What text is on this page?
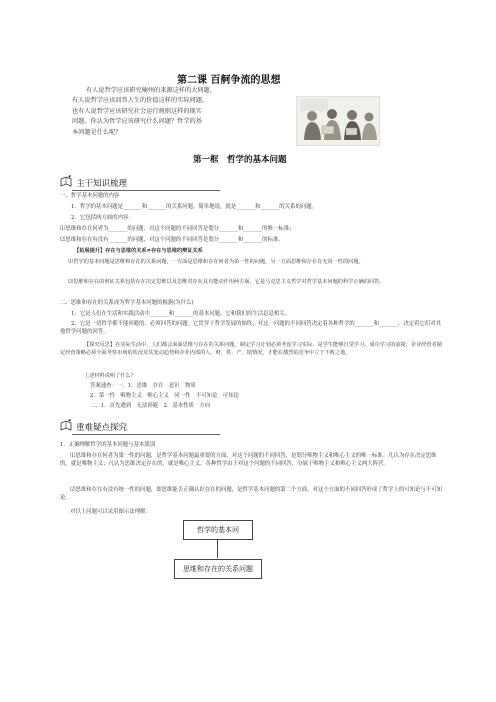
第二课 百舸争流的思想
有人说哲学应该研究楠州的来源这样的大问题，
有人说哲学应该回答人生的价值这样的实际问题。
也有人说哲学应该研究社会运行规则这样的现实
问题。你认为哲学应该研究什么问题？哲学的基
本问题是什么呢？
第一框　哲学的基本问题
主干知识梳理
一、哲学基本问题的内容
1．哲学的基本问题是_______和_______的关系问题，简单地说，就是_______和_______的关系的问题。
2．它包括两方面的内容：
⑴思维和存在何者为_______的问题，对这个问题的不同回答是划分_______和_______的唯一标准；
⑵思维和存在有没有_______的问题，对这个问题的不同回答是划分_______和_______的标准。
【拓展提升】存在与思维的关系≠存在与思维的辩证关系
⑴哲学的基本问题是思维和存在的关系问题，一方面是思维和存在何者为第一性的问题，另一方面思维和存在有无同一性的问题。
⑵思维和存在的辩证关系包括存在决定思维以及思维对存在具有能动作用两方面，它是马克思主义哲学对哲学基本问题的科学正确的回答。
二、思维和存在的关系成为哲学基本问题的根据(为什么)
1．它是人们在生活和实践活动中_______和_______的基本问题，它和我们的生活息息相关。
2．它是一切哲学都不能回避的、必须回答的问题。它贯穿于哲学发展的始终，对这一问题的不同回答决定着各种哲学的_______和_______，决定着它们对其他哲学问题的回答。
【探究反思】在实际生活中，人们都会面面思维与存在的关系问题。制定学习计划必须考虑学习实际，是学生能够自觉学习、成功学习的前提；企业经营者制定经营策略必须全面考察市场的状况及其变动趋势和企业内部的人、财、供、产、销情况，才能在激烈的竞争中立于不败之地。
上述材料说明了什么？
答案速查：一、1．思维　存在　意识　物质
2．第一性　唯物主义　唯心主义　同一性　不可知论　可知论
二、1．首先遇到　无法回避　2．基本性质　方向
重难疑点探究
1．正确理解哲学的基本问题与基本派别
⑴思维和存在何者为第一性的问题，是哲学基本问题最重要的方面，对这个问题的不同回答，是划分唯物主义和唯心主义的唯一标准。凡认为存在决定思维的，就是唯物主义；凡认为思维决定存在的，就是唯心主义。各种哲学由于对这个问题的不同回答，分属于唯物主义和唯心主义两大阵营。
⑵思维和存在有没有统一性的问题，即思维能否正确认识存在的问题，是哲学基本问题的第二个方面，对这个方面的不同回答形成了哲学上的可知论与不可知论。
对以上问题可以采用图示法理解：
哲学的基本问
思维和存在的关系问题
